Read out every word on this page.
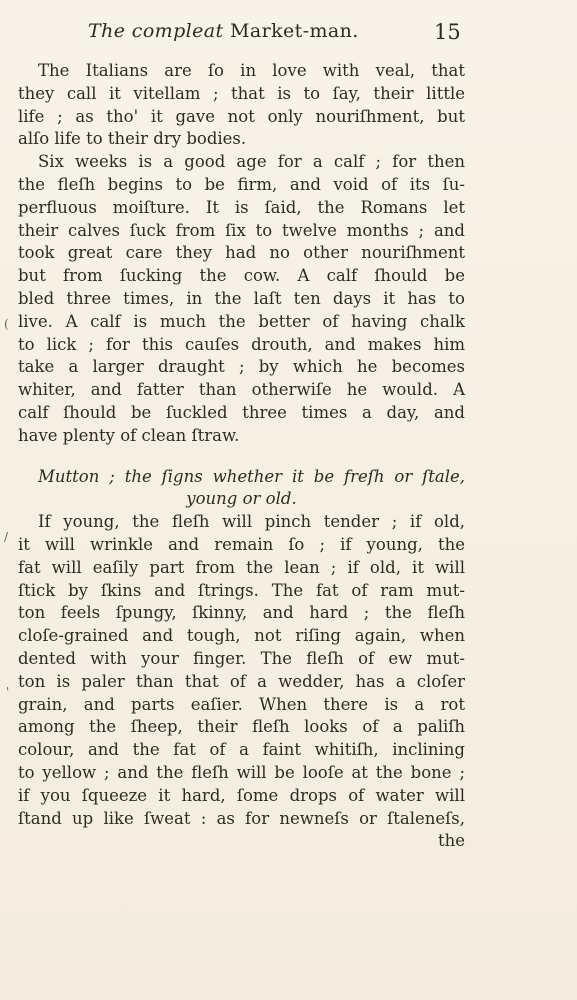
The compleat Market-man.	15
(
/
'
The Italians are ſo in love with veal, that
they call it vitellam ; that is to ſay, their little
life ; as tho' it gave not only nouriſhment, but
alſo life to their dry bodies.
Six weeks is a good age for a calf ; for then
the fleſh begins to be firm, and void of its ſu-
perfluous moiſture. It is ſaid, the Romans let
their calves ſuck from ſix to twelve months ; and
took great care they had no other nouriſhment
but from ſucking the cow. A calf ſhould be
bled three times, in the laſt ten days it has to
live. A calf is much the better of having chalk
to lick ; for this cauſes drouth, and makes him
take a larger draught ; by which he becomes
whiter, and fatter than otherwiſe he would. A
calf ſhould be ſuckled three times a day, and
have plenty of clean ſtraw.
Mutton ; the ſigns whether it be freſh or ſtale,
young or old.
If young, the fleſh will pinch tender ; if old,
it will wrinkle and remain ſo ; if young, the
fat will eaſily part from the lean ; if old, it will
ſtick by ſkins and ſtrings. The fat of ram mut-
ton feels ſpungy, ſkinny, and hard ; the fleſh
cloſe-grained and tough, not riſing again, when
dented with your finger. The fleſh of ew mut-
ton is paler than that of a wedder, has a cloſer
grain, and parts eaſier. When there is a rot
among the ſheep, their fleſh looks of a paliſh
colour, and the fat of a faint whitiſh, inclining
to yellow ; and the fleſh will be looſe at the bone ;
if you ſqueeze it hard, ſome drops of water will
ſtand up like ſweat : as for newneſs or ſtaleneſs,
the
